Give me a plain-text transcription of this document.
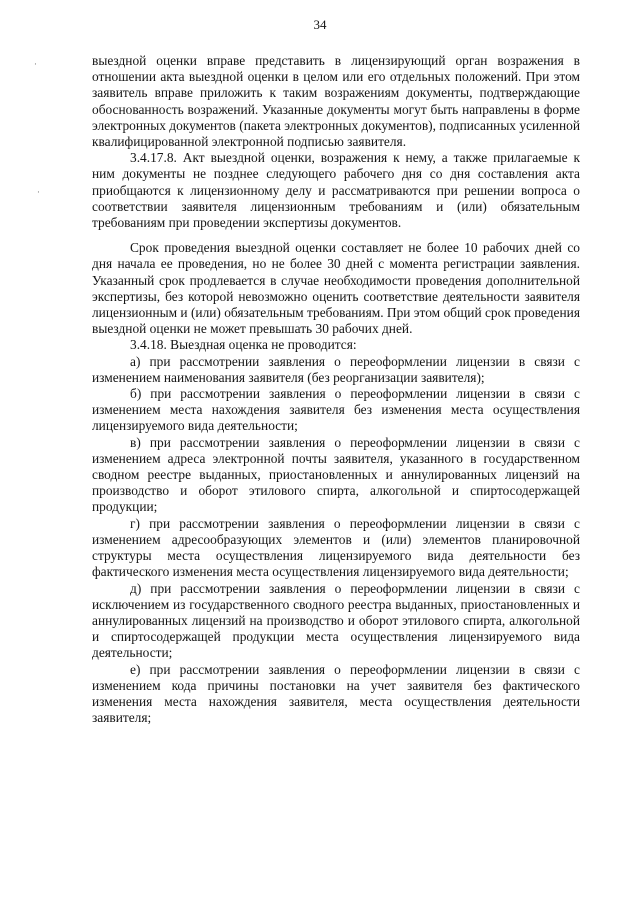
34
·
·

выездной оценки вправе представить в лицензирующий орган возражения в отношении акта выездной оценки в целом или его отдельных положений. При этом заявитель вправе приложить к таким возражениям документы, подтверждающие обоснованность возражений. Указанные документы могут быть направлены в форме электронных документов (пакета электронных документов), подписанных усиленной квалифицированной электронной подписью заявителя.

3.4.17.8. Акт выездной оценки, возражения к нему, а также прилагаемые к ним документы не позднее следующего рабочего дня со дня составления акта приобщаются к лицензионному делу и рассматриваются при решении вопроса о соответствии заявителя лицензионным требованиям и (или) обязательным требованиям при проведении экспертизы документов.

Срок проведения выездной оценки составляет не более 10 рабочих дней со дня начала ее проведения, но не более 30 дней с момента регистрации заявления. Указанный срок продлевается в случае необходимости проведения дополнительной экспертизы, без которой невозможно оценить соответствие деятельности заявителя лицензионным и (или) обязательным требованиям. При этом общий срок проведения выездной оценки не может превышать 30 рабочих дней.

3.4.18. Выездная оценка не проводится:

а) при рассмотрении заявления о переоформлении лицензии в связи с изменением наименования заявителя (без реорганизации заявителя);

б) при рассмотрении заявления о переоформлении лицензии в связи с изменением места нахождения заявителя без изменения места осуществления лицензируемого вида деятельности;

в) при рассмотрении заявления о переоформлении лицензии в связи с изменением адреса электронной почты заявителя, указанного в государственном сводном реестре выданных, приостановленных и аннулированных лицензий на производство и оборот этилового спирта, алкогольной и спиртосодержащей продукции;

г) при рассмотрении заявления о переоформлении лицензии в связи с изменением адресообразующих элементов и (или) элементов планировочной структуры места осуществления лицензируемого вида деятельности без фактического изменения места осуществления лицензируемого вида деятельности;

д) при рассмотрении заявления о переоформлении лицензии в связи с исключением из государственного сводного реестра выданных, приостановленных и аннулированных лицензий на производство и оборот этилового спирта, алкогольной и спиртосодержащей продукции места осуществления лицензируемого вида деятельности;

е) при рассмотрении заявления о переоформлении лицензии в связи с изменением кода причины постановки на учет заявителя без фактического изменения места нахождения заявителя, места осуществления деятельности заявителя;
